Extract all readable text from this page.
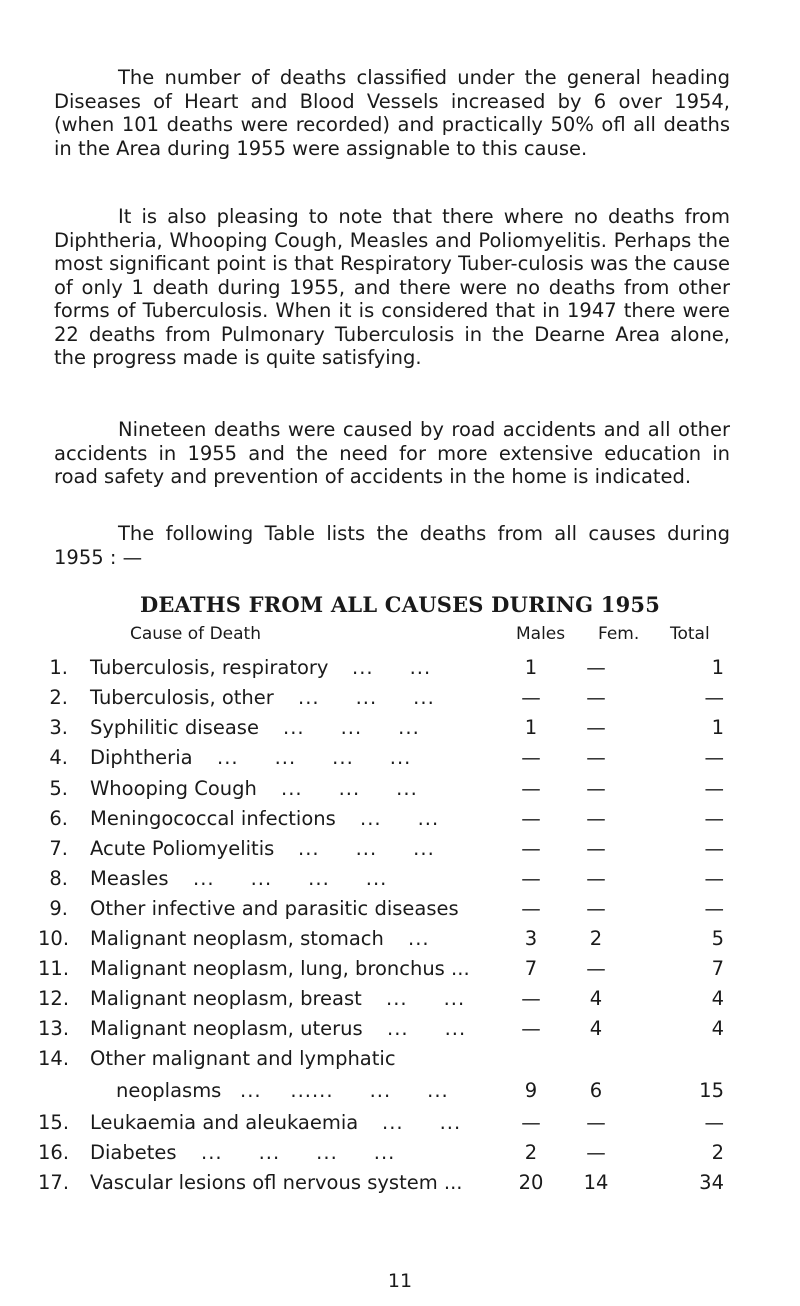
The number of deaths classified under the general heading Diseases of Heart and Blood Vessels increased by 6 over 1954, (when 101 deaths were recorded) and practically 50% ofl all deaths in the Area during 1955 were assignable to this cause.

It is also pleasing to note that there where no deaths from Diphtheria, Whooping Cough, Measles and Poliomyelitis. Perhaps the most significant point is that Respiratory Tuber-culosis was the cause of only 1 death during 1955, and there were no deaths from other forms of Tuberculosis. When it is considered that in 1947 there were 22 deaths from Pulmonary Tuberculosis in the Dearne Area alone, the progress made is quite satisfying.

Nineteen deaths were caused by road accidents and all other accidents in 1955 and the need for more extensive education in road safety and prevention of accidents in the home is indicated.

The following Table lists the deaths from all causes during 1955 : —

DEATHS FROM ALL CAUSES DURING 1955
Cause of Death	Males Fem. Total
1. Tuberculosis, respiratory ...     ...	1	—	1
2. Tuberculosis, other ...     ...     ...	—	—	—
3. Syphilitic disease ...     ...     ...	1	—	1
4. Diphtheria ...     ...     ...     ...	—	—	—
5. Whooping Cough ...     ...     ...	—	—	—
6. Meningococcal infections ...     ...	—	—	—
7. Acute Poliomyelitis ...     ...     ...	—	—	—
8. Measles ...     ...     ...     ...	—	—	—
9. Other infective and parasitic diseases	—	—	—
10. Malignant neoplasm, stomach ...	3	2	5
11. Malignant neoplasm, lung, bronchus ...	7	—	7
12. Malignant neoplasm, breast ...     ...	—	4	4
13. Malignant neoplasm, uterus ...     ...	—	4	4
14. Other malignant and lymphatic
neoplasms ...    ......     ...     ...	9	6	15
15. Leukaemia and aleukaemia ...     ...	—	—	—
16. Diabetes ...     ...     ...     ...	2	—	2
17. Vascular lesions ofl nervous system ...	20 14	34
11
